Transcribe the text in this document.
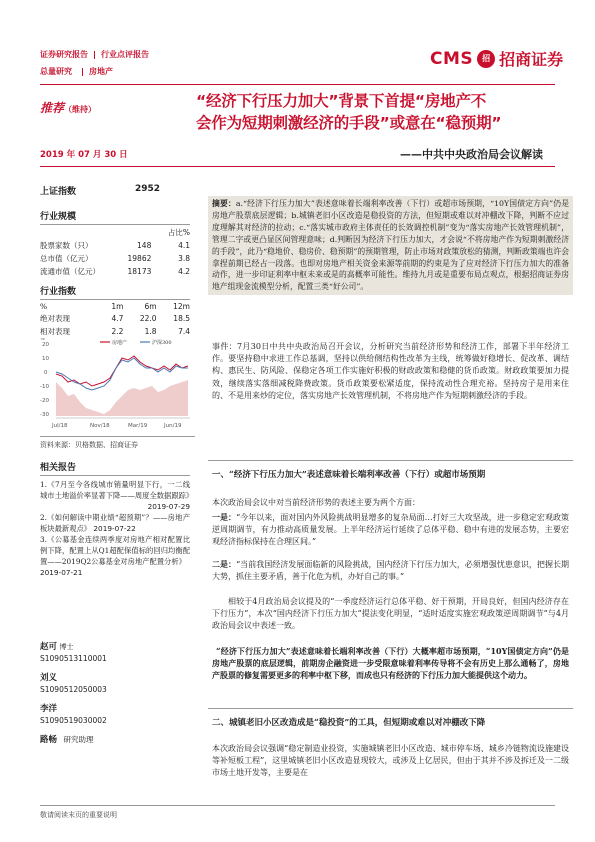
证券研究报告 行业点评报告
总量研究 房地产
CMS	招 招商证券
推荐（维持）	“经济下行压力加大”背景下首提“房地产不
会作为短期刺激经济的手段”或意在“稳预期”
2019 年 07 月 30 日	——中共中央政治局会议解读
上证指数	2952
行业规模
		占比%
股票家数（只）	148	4.1
总市值（亿元）	19862	3.8
流通市值（亿元）	18173	4.2
行业指数
%	1m	6m	12m
绝对表现	4.7	22.0	18.5
相对表现	2.2	1.8	7.4
20
10
0
-10
-20
-30
%
房地产	沪深300
Jul/18	Nov/18	Mar/19	Jun/19
资料来源：贝格数据、招商证券
相关报告
1.《7月至今各线城市销量明显下行，一二线城市土地溢价率显著下降——周度全数据跟踪》
2019-07-29
2.《如何解读中期业绩“超预期”？——房地产板块最新观点》 2019-07-22
3.《公募基金连续两季度对房地产相对配置比例下降，配置上从Q1超配保值标的回归均衡配置——2019Q2公募基金对房地产配置分析》
2019-07-21
赵可 博士
S1090513110001
刘义
S1090512050003
李洋
S1090519030002
路畅 研究助理
摘要：a.“经济下行压力加大”表述意味着长端利率改善（下行）或超市场预期，“10Y国债定方向”仍是房地产股票底层逻辑；b.城镇老旧小区改造是稳投资的方法，但短期或难以对冲棚改下降，判断不应过度理解其对经济的拉动；c.“落实城市政府主体责任的长效调控机制”变为“落实房地产长效管理机制”，管理二字或更凸显区间管理意味；d.判断因为经济下行压力加大，才会说“不将房地产作为短期刺激经济的手段”，此乃“稳地价、稳房价、稳预期”的预期管理，防止市场对政策放松的猜测，判断政策端也许会拿捏前期已经占一段落。也即对房地产相关资金来源等前期的约束是为了应对经济下行压力加大的准备动作，进一步印证利率中枢未来或是的高概率可能性。维持九月或是重要布局点观点，根据招商证券房地产组现金流模型分析，配置三类“好公司”。
事件：7月30日中共中央政治局召开会议，分析研究当前经济形势和经济工作，部署下半年经济工作。要坚持稳中求进工作总基调，坚持以供给侧结构性改革为主线，统筹做好稳增长、促改革、调结构、惠民生、防风险、保稳定各项工作实施好积极的财政政策和稳健的货币政策。财政政策要加力提效，继续落实落细减税降费政策。货币政策要松紧适度，保持流动性合理充裕。坚持房子是用来住的、不是用来炒的定位，落实房地产长效管理机制，不将房地产作为短期刺激经济的手段。
一、“经济下行压力加大”表述意味着长端利率改善（下行）或超市场预期
本次政治局会议中对当前经济形势的表述主要为两个方面：
一是：“今年以来，面对国内外风险挑战明显增多的复杂局面…打好三大攻坚战，进一步稳定宏观政策逆周期调节，有力推动高质量发展。上半年经济运行延续了总体平稳、稳中有进的发展态势，主要宏观经济指标保持在合理区间。”
二是：“当前我国经济发展面临新的风险挑战，国内经济下行压力加大，必须增强忧患意识，把握长期大势，抓住主要矛盾，善于化危为机，办好自己的事。”
相较于4月政治局会议提及的“一季度经济运行总体平稳、好于预期，开局良好，但国内经济存在下行压力”，本次“国内经济下行压力加大”提法变化明显，“适时适度实施宏观政策逆周期调节”与4月政治局会议中表述一致。
“经济下行压力加大”表述意味着长端利率改善（下行）大概率超市场预期，“10Y国债定方向”仍是房地产股票的底层逻辑，前期房企融资进一步受限意味着利率传导将不会有历史上那么通畅了，房地产股票的修复需要更多的利率中枢下移，而成也只有经济的下行压力加大能提供这个动力。
二、城镇老旧小区改造成是“稳投资”的工具，但短期或难以对冲棚改下降
本次政治局会议强调“稳定制造业投资，实施城镇老旧小区改造、城市停车场、城乡冷链物流设施建设等补短板工程”，这里城镇老旧小区改造显现较大，或涉及上亿居民，但由于其并不涉及拆迁及一二级市场土地开发等，主要是在
敬请阅读末页的重要说明
